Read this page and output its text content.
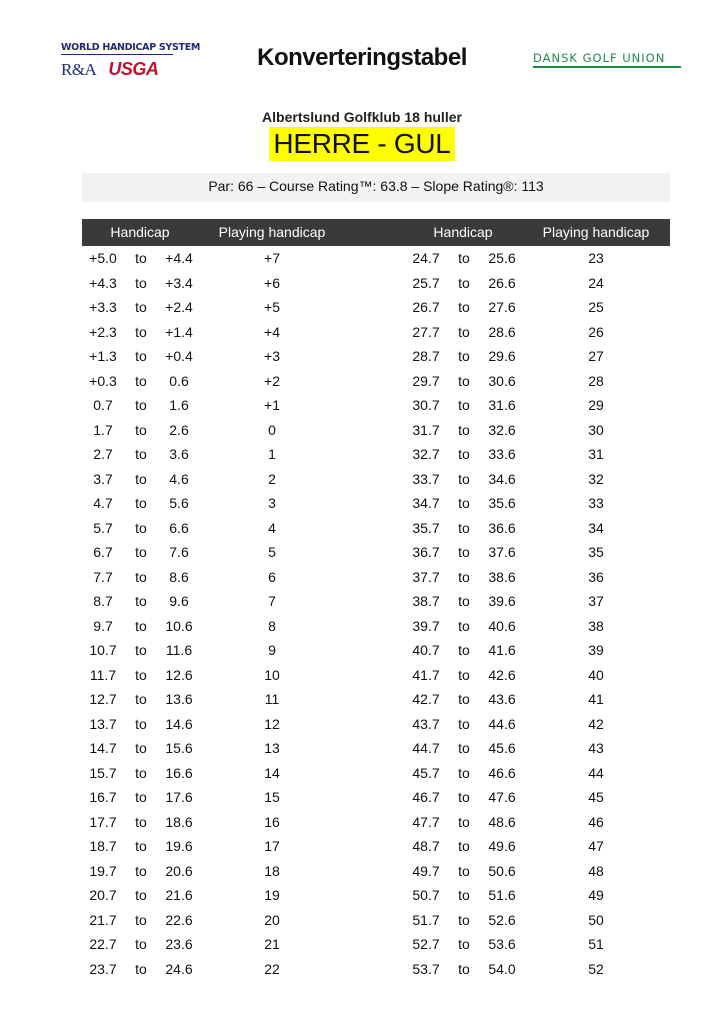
WORLD HANDICAP SYSTEM
R&A USGA	Konverteringstabel	DANSK GOLF UNION
Albertslund Golfklub 18 huller
HERRE - GUL
Par: 66 – Course Rating™: 63.8 – Slope Rating®: 113
Handicap	Playing handicap	Handicap	Playing handicap
+5.0 to +4.4	+7	24.7 to 25.6	23
+4.3 to +3.4	+6	25.7 to 26.6	24
+3.3 to +2.4	+5	26.7 to 27.6	25
+2.3 to +1.4	+4	27.7 to 28.6	26
+1.3 to +0.4	+3	28.7 to 29.6	27
+0.3 to 0.6	+2	29.7 to 30.6	28
0.7 to 1.6	+1	30.7 to 31.6	29
1.7 to 2.6	0	31.7 to 32.6	30
2.7 to 3.6	1	32.7 to 33.6	31
3.7 to 4.6	2	33.7 to 34.6	32
4.7 to 5.6	3	34.7 to 35.6	33
5.7 to 6.6	4	35.7 to 36.6	34
6.7 to 7.6	5	36.7 to 37.6	35
7.7 to 8.6	6	37.7 to 38.6	36
8.7 to 9.6	7	38.7 to 39.6	37
9.7 to 10.6	8	39.7 to 40.6	38
10.7 to 11.6	9	40.7 to 41.6	39
11.7 to 12.6	10	41.7 to 42.6	40
12.7 to 13.6	11	42.7 to 43.6	41
13.7 to 14.6	12	43.7 to 44.6	42
14.7 to 15.6	13	44.7 to 45.6	43
15.7 to 16.6	14	45.7 to 46.6	44
16.7 to 17.6	15	46.7 to 47.6	45
17.7 to 18.6	16	47.7 to 48.6	46
18.7 to 19.6	17	48.7 to 49.6	47
19.7 to 20.6	18	49.7 to 50.6	48
20.7 to 21.6	19	50.7 to 51.6	49
21.7 to 22.6	20	51.7 to 52.6	50
22.7 to 23.6	21	52.7 to 53.6	51
23.7 to 24.6	22	53.7 to 54.0	52
